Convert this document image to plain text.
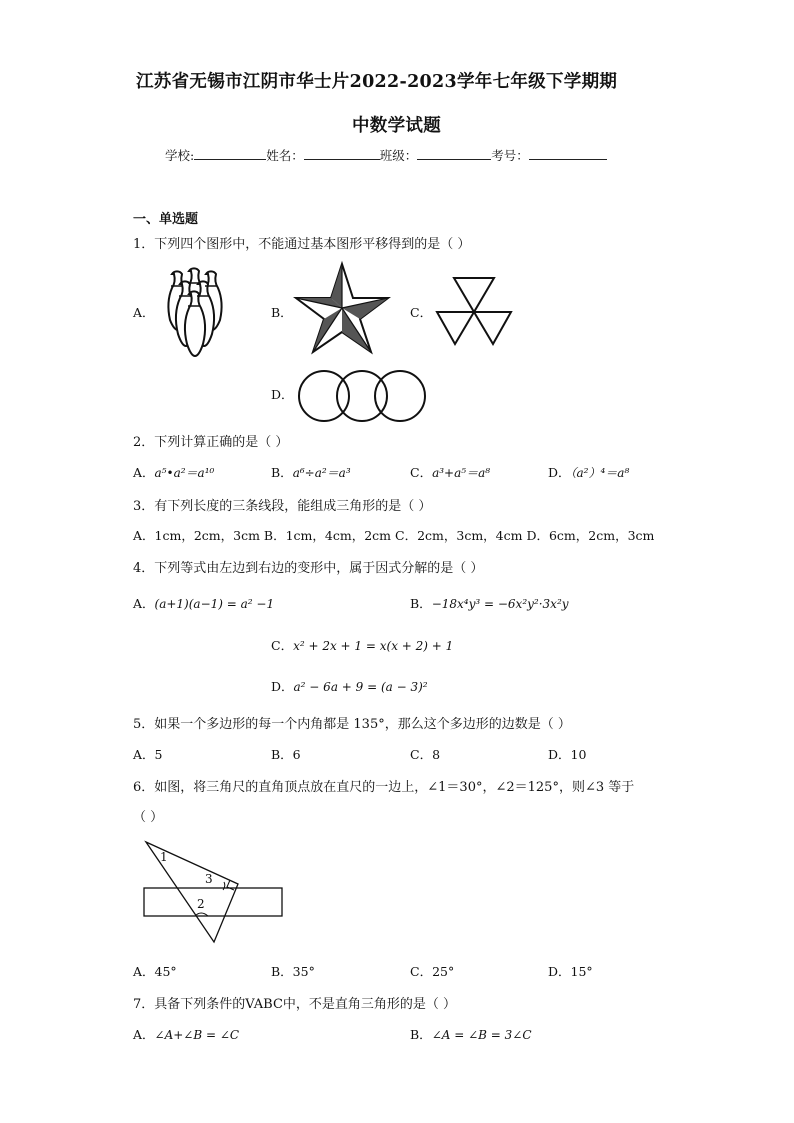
江苏省无锡市江阴市华士片2022-2023学年七年级下学期期
中数学试题
学校:	姓名：	班级：	考号：
一、单选题
1．下列四个图形中，不能通过基本图形平移得到的是（ ）
A．	B．	C．
D．
2．下列计算正确的是（ ）
A．a⁵•a²＝a¹⁰	B．a⁶÷a²＝a³	C．a³+a⁵＝a⁸	D．（a²）⁴＝a⁸
3．有下列长度的三条线段，能组成三角形的是（ ）
A．1cm，2cm，3cm B．1cm，4cm，2cm C．2cm，3cm，4cm D．6cm，2cm，3cm
4．下列等式由左边到右边的变形中，属于因式分解的是（ ）
A．(a+1)(a−1) = a² −1	B．−18x⁴y³ = −6x²y²·3x²y
C．x² + 2x + 1 = x(x + 2) + 1
D．a² − 6a + 9 = (a − 3)²
5．如果一个多边形的每一个内角都是 135°，那么这个多边形的边数是（ ）
A．5	B．6	C．8	D．10
6．如图，将三角尺的直角顶点放在直尺的一边上，∠1＝30°，∠2＝125°，则∠3 等于
（ ）
1
3
2
A．45°	B．35°	C．25°	D．15°
7．具备下列条件的VABC中，不是直角三角形的是（ ）
A．∠A+∠B = ∠C	B．∠A = ∠B = 3∠C
